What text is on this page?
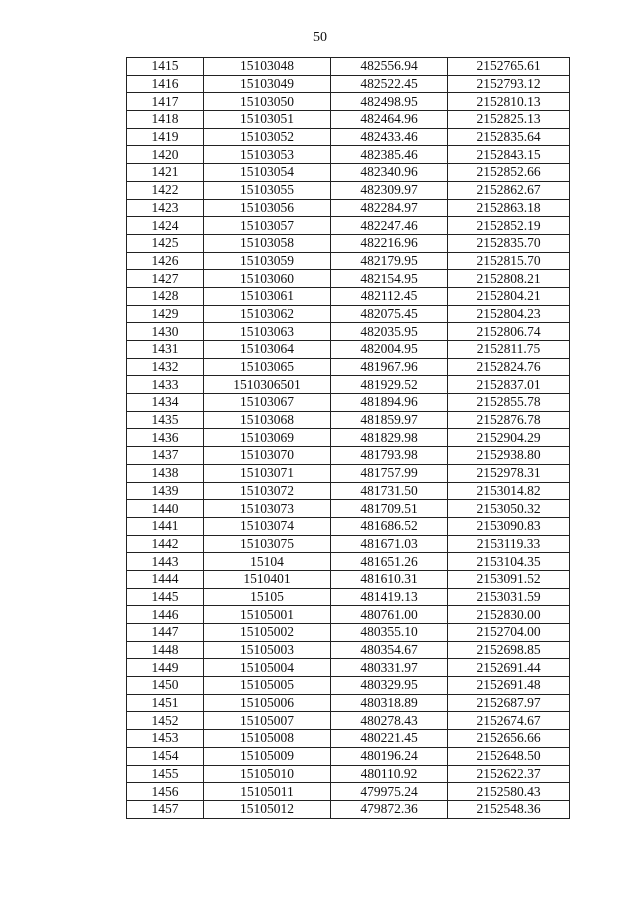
50
1415	15103048	482556.94	2152765.61
1416	15103049	482522.45	2152793.12
1417	15103050	482498.95	2152810.13
1418	15103051	482464.96	2152825.13
1419	15103052	482433.46	2152835.64
1420	15103053	482385.46	2152843.15
1421	15103054	482340.96	2152852.66
1422	15103055	482309.97	2152862.67
1423	15103056	482284.97	2152863.18
1424	15103057	482247.46	2152852.19
1425	15103058	482216.96	2152835.70
1426	15103059	482179.95	2152815.70
1427	15103060	482154.95	2152808.21
1428	15103061	482112.45	2152804.21
1429	15103062	482075.45	2152804.23
1430	15103063	482035.95	2152806.74
1431	15103064	482004.95	2152811.75
1432	15103065	481967.96	2152824.76
1433	1510306501	481929.52	2152837.01
1434	15103067	481894.96	2152855.78
1435	15103068	481859.97	2152876.78
1436	15103069	481829.98	2152904.29
1437	15103070	481793.98	2152938.80
1438	15103071	481757.99	2152978.31
1439	15103072	481731.50	2153014.82
1440	15103073	481709.51	2153050.32
1441	15103074	481686.52	2153090.83
1442	15103075	481671.03	2153119.33
1443	15104	481651.26	2153104.35
1444	1510401	481610.31	2153091.52
1445	15105	481419.13	2153031.59
1446	15105001	480761.00	2152830.00
1447	15105002	480355.10	2152704.00
1448	15105003	480354.67	2152698.85
1449	15105004	480331.97	2152691.44
1450	15105005	480329.95	2152691.48
1451	15105006	480318.89	2152687.97
1452	15105007	480278.43	2152674.67
1453	15105008	480221.45	2152656.66
1454	15105009	480196.24	2152648.50
1455	15105010	480110.92	2152622.37
1456	15105011	479975.24	2152580.43
1457	15105012	479872.36	2152548.36
